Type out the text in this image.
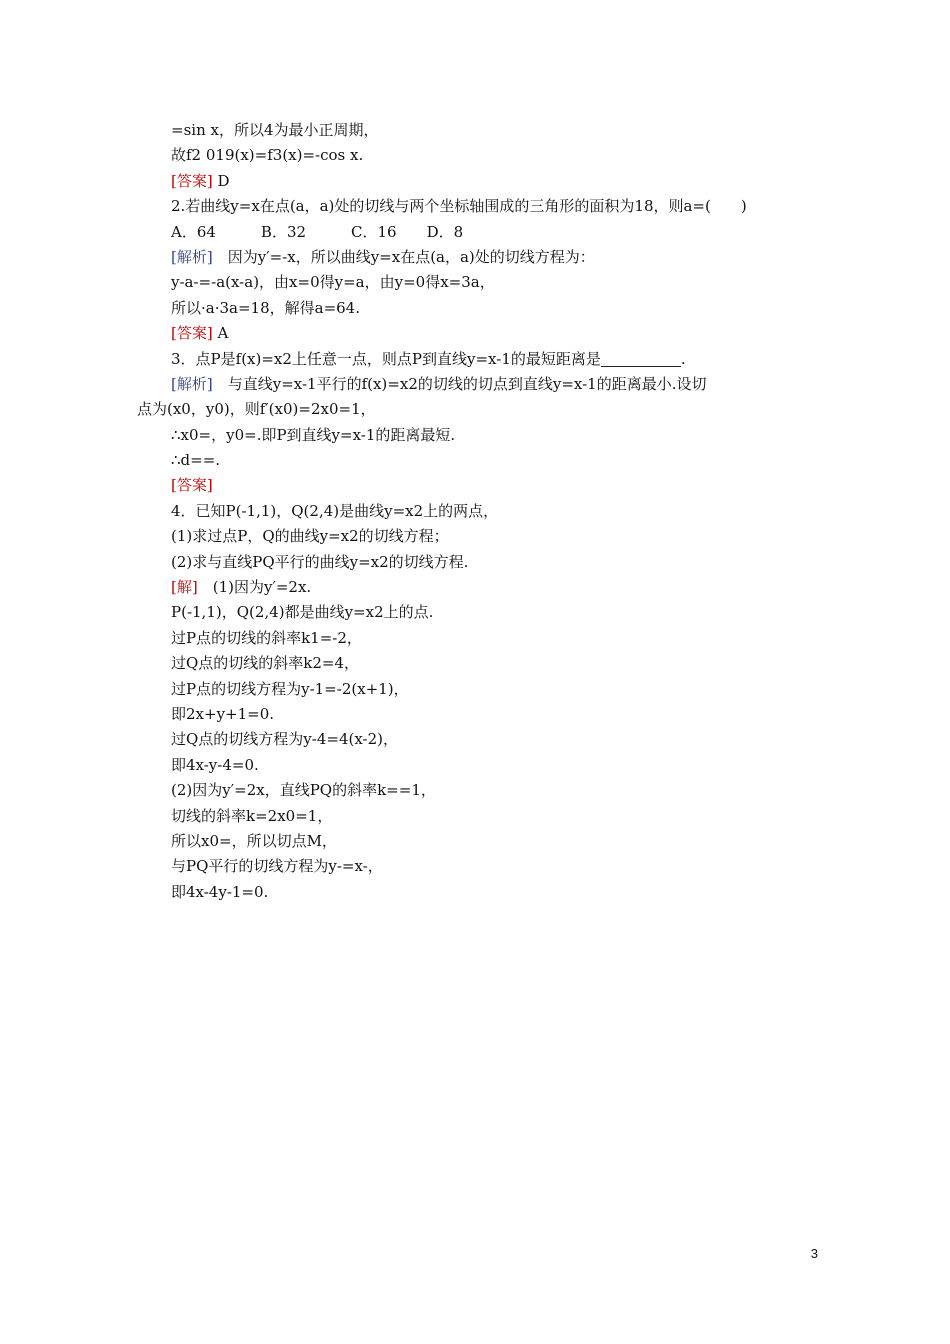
=sin x，所以4为最小正周期，
故f2 019(x)=f3(x)=-cos x.
[答案] D
2.若曲线y=x在点(a，a)处的切线与两个坐标轴围成的三角形的面积为18，则a=(　　)
A．64　　　B．32　　　C．16　　D．8
[解析]　因为y′=-x，所以曲线y=x在点(a，a)处的切线方程为：
y-a-=-a(x-a)，由x=0得y=a，由y=0得x=3a，
所以·a·3a=18，解得a=64.
[答案] A
3．点P是f(x)=x2上任意一点，则点P到直线y=x-1的最短距离是	.
[解析]　与直线y=x-1平行的f(x)=x2的切线的切点到直线y=x-1的距离最小.设切
点为(x0，y0)，则f′(x0)=2x0=1，
∴x0=，y0=.即P到直线y=x-1的距离最短.
∴d==.
[答案]
4．已知P(-1,1)，Q(2,4)是曲线y=x2上的两点，
(1)求过点P，Q的曲线y=x2的切线方程；
(2)求与直线PQ平行的曲线y=x2的切线方程.
[解]　(1)因为y′=2x.
P(-1,1)，Q(2,4)都是曲线y=x2上的点.
过P点的切线的斜率k1=-2，
过Q点的切线的斜率k2=4，
过P点的切线方程为y-1=-2(x+1)，
即2x+y+1=0.
过Q点的切线方程为y-4=4(x-2)，
即4x-y-4=0.
(2)因为y′=2x，直线PQ的斜率k==1，
切线的斜率k=2x0=1，
所以x0=，所以切点M，
与PQ平行的切线方程为y-=x-，
即4x-4y-1=0.
3
